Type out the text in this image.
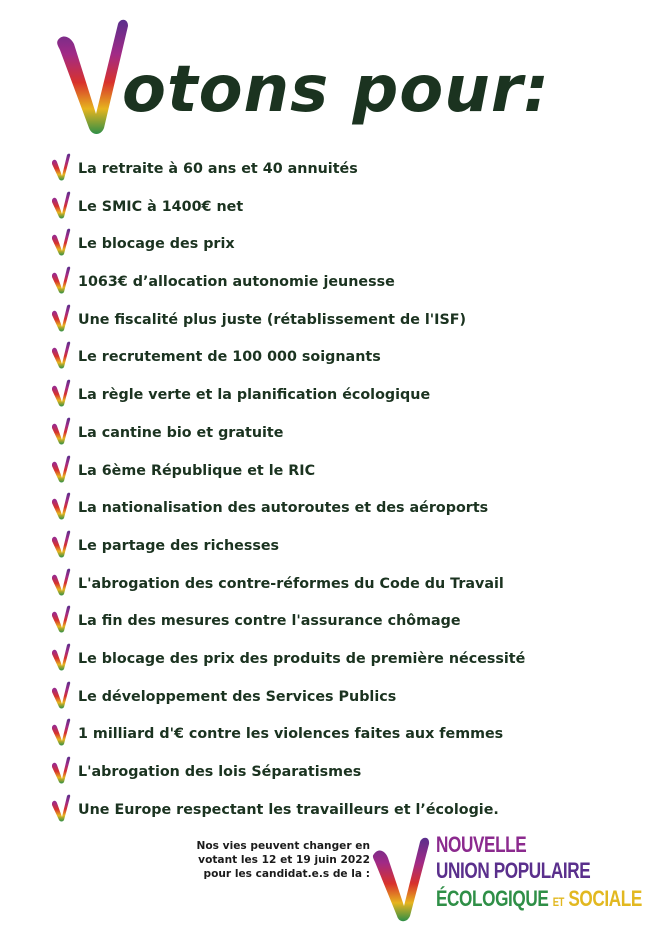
otons pour:
La retraite à 60 ans et 40 annuités
Le SMIC à 1400€ net
Le blocage des prix
1063€ d’allocation autonomie jeunesse
Une fiscalité plus juste (rétablissement de l'ISF)
Le recrutement de 100 000 soignants
La règle verte et la planification écologique
La cantine bio et gratuite
La 6ème République et le RIC
La nationalisation des autoroutes et des aéroports
Le partage des richesses
L'abrogation des contre-réformes du Code du Travail
La fin des mesures contre l'assurance chômage
Le blocage des prix des produits de première nécessité
Le développement des Services Publics
1 milliard d'€ contre les violences faites aux femmes
L'abrogation des lois Séparatismes
Une Europe respectant les travailleurs et l’écologie.
Nos vies peuvent changer en
votant les 12 et 19 juin 2022
pour les candidat.e.s de la :
NOUVELLE
UNION POPULAIRE
ÉCOLOGIQUE ET SOCIALE
